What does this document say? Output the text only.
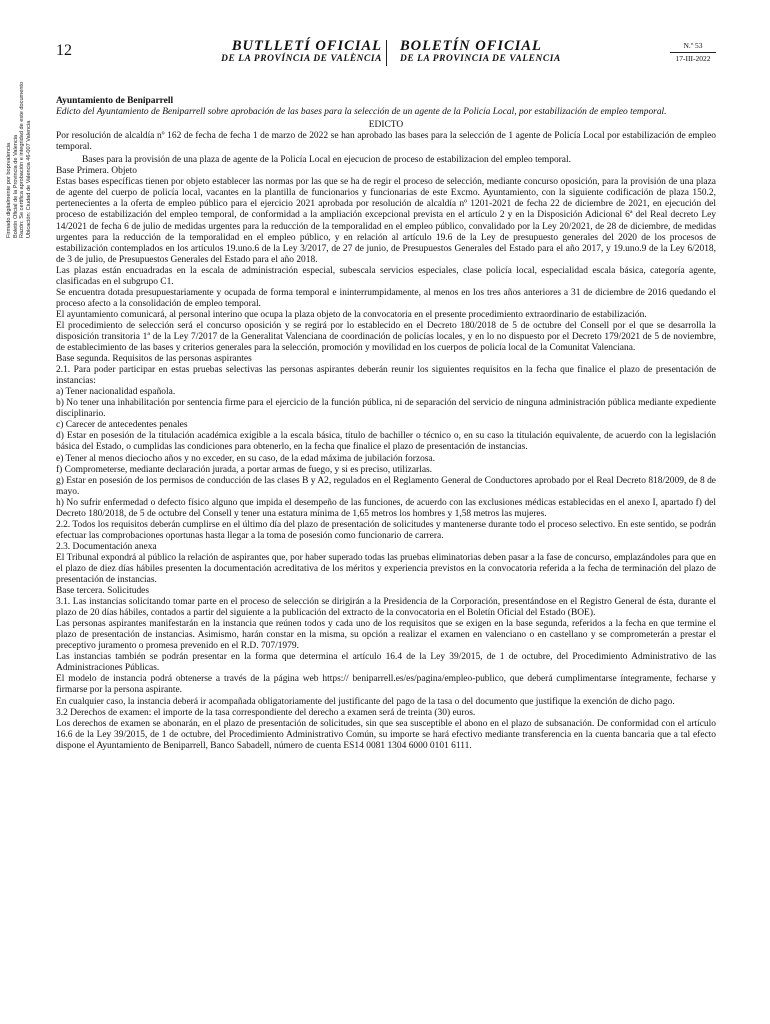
Firmado digitalmente por boprvalencia Boletín Oficial de la Provincia de Valencia Razón: Se certifica aprobación e integridad de este documento Ubicación: Ciudad de Valencia 46-007 Valencia
12	BUTLLETÍ OFICIAL
DE LA PROVÍNCIA DE VALÈNCIA
BOLETÍN OFICIAL
DE LA PROVINCIA DE VALENCIA
N.º 53
17-III-2022

Ayuntamiento de Beniparrell

Edicto del Ayuntamiento de Beniparrell sobre aprobación de las bases para la selección de un agente de la Policía Local, por estabilización de empleo temporal.

EDICTO

Por resolución de alcaldía nº 162 de fecha de fecha 1 de marzo de 2022 se han aprobado las bases para la selección de 1 agente de Policía Local por estabilización de empleo temporal.

Bases para la provisión de una plaza de agente de la Policía Local en ejecucion de proceso de estabilizacion del empleo temporal.

Base Primera. Objeto

Estas bases específicas tienen por objeto establecer las normas por las que se ha de regir el proceso de selección, mediante concurso oposición, para la provisión de una plaza de agente del cuerpo de policía local, vacantes en la plantilla de funcionarios y funcionarias de este Excmo. Ayuntamiento, con la siguiente codificación de plaza 150.2, pertenecientes a la oferta de empleo público para el ejercicio 2021 aprobada por resolución de alcaldía nº 1201-2021 de fecha 22 de diciembre de 2021, en ejecución del proceso de estabilización del empleo temporal, de conformidad a la ampliación excepcional prevista en el artículo 2 y en la Disposición Adicional 6ª del Real decreto Ley 14/2021 de fecha 6 de julio de medidas urgentes para la reducción de la temporalidad en el empleo público, convalidado por la Ley 20/2021, de 28 de diciembre, de medidas urgentes para la reducción de la temporalidad en el empleo público, y en relación al artículo 19.6 de la Ley de presupuesto generales del 2020 de los procesos de estabilización contemplados en los artículos 19.uno.6 de la Ley 3/2017, de 27 de junio, de Presupuestos Generales del Estado para el año 2017, y 19.uno.9 de la Ley 6/2018, de 3 de julio, de Presupuestos Generales del Estado para el año 2018.

Las plazas están encuadradas en la escala de administración especial, subescala servicios especiales, clase policía local, especialidad escala básica, categoría agente, clasificadas en el subgrupo C1.

Se encuentra dotada presupuestariamente y ocupada de forma temporal e ininterrumpidamente, al menos en los tres años anteriores a 31 de diciembre de 2016 quedando el proceso afecto a la consolidación de empleo temporal.

El ayuntamiento comunicará, al personal interino que ocupa la plaza objeto de la convocatoria en el presente procedimiento extraordinario de estabilización.

El procedimiento de selección será el concurso oposición y se regirá por lo establecido en el Decreto 180/2018 de 5 de octubre del Consell por el que se desarrolla la disposición transitoria 1ª de la Ley 7/2017 de la Generalitat Valenciana de coordinación de policías locales, y en lo no dispuesto por el Decreto 179/2021 de 5 de noviembre, de establecimiento de las bases y criterios generales para la selección, promoción y movilidad en los cuerpos de policía local de la Comunitat Valenciana.

Base segunda. Requisitos de las personas aspirantes

2.1. Para poder participar en estas pruebas selectivas las personas aspirantes deberán reunir los siguientes requisitos en la fecha que finalice el plazo de presentación de instancias:

a) Tener nacionalidad española.

b) No tener una inhabilitación por sentencia firme para el ejercicio de la función pública, ni de separación del servicio de ninguna administración pública mediante expediente disciplinario.

c) Carecer de antecedentes penales

d) Estar en posesión de la titulación académica exigible a la escala básica, título de bachiller o técnico o, en su caso la titulación equivalente, de acuerdo con la legislación básica del Estado, o cumplidas las condiciones para obtenerlo, en la fecha que finalice el plazo de presentación de instancias.

e) Tener al menos dieciocho años y no exceder, en su caso, de la edad máxima de jubilación forzosa.

f) Comprometerse, mediante declaración jurada, a portar armas de fuego, y si es preciso, utilizarlas.

g) Estar en posesión de los permisos de conducción de las clases B y A2, regulados en el Reglamento General de Conductores aprobado por el Real Decreto 818/2009, de 8 de mayo.

h) No sufrir enfermedad o defecto físico alguno que impida el desempeño de las funciones, de acuerdo con las exclusiones médicas establecidas en el anexo I, apartado f) del Decreto 180/2018, de 5 de octubre del Consell y tener una estatura mínima de 1,65 metros los hombres y 1,58 metros las mujeres.

2.2. Todos los requisitos deberán cumplirse en el último día del plazo de presentación de solicitudes y mantenerse durante todo el proceso selectivo. En este sentido, se podrán efectuar las comprobaciones oportunas hasta llegar a la toma de posesión como funcionario de carrera.

2.3. Documentación anexa

El Tribunal expondrá al público la relación de aspirantes que, por haber superado todas las pruebas eliminatorias deben pasar a la fase de concurso, emplazándoles para que en el plazo de diez días hábiles presenten la documentación acreditativa de los méritos y experiencia previstos en la convocatoria referida a la fecha de terminación del plazo de presentación de instancias.

Base tercera. Solicitudes

3.1. Las instancias solicitando tomar parte en el proceso de selección se dirigirán a la Presidencia de la Corporación, presentándose en el Registro General de ésta, durante el plazo de 20 días hábiles, contados a partir del siguiente a la publicación del extracto de la convocatoria en el Boletín Oficial del Estado (BOE).

Las personas aspirantes manifestarán en la instancia que reúnen todos y cada uno de los requisitos que se exigen en la base segunda, referidos a la fecha en que termine el plazo de presentación de instancias. Asimismo, harán constar en la misma, su opción a realizar el examen en valenciano o en castellano y se comprometerán a prestar el preceptivo juramento o promesa prevenido en el R.D. 707/1979.

Las instancias también se podrán presentar en la forma que determina el artículo 16.4 de la Ley 39/2015, de 1 de octubre, del Procedimiento Administrativo de las Administraciones Públicas.

El modelo de instancia podrá obtenerse a través de la página web https:// beniparrell.es/es/pagina/empleo-publico, que deberá cumplimentarse íntegramente, fecharse y firmarse por la persona aspirante.

En cualquier caso, la instancia deberá ir acompañada obligatoriamente del justificante del pago de la tasa o del documento que justifique la exención de dicho pago.

3.2 Derechos de examen: el importe de la tasa correspondiente del derecho a examen será de treinta (30) euros.

Los derechos de examen se abonarán, en el plazo de presentación de solicitudes, sin que sea susceptible el abono en el plazo de subsanación. De conformidad con el artículo 16.6 de la Ley 39/2015, de 1 de octubre, del Procedimiento Administrativo Común, su importe se hará efectivo mediante transferencia en la cuenta bancaria que a tal efecto dispone el Ayuntamiento de Beniparrell, Banco Sabadell, número de cuenta ES14 0081 1304 6000 0101 6111.
